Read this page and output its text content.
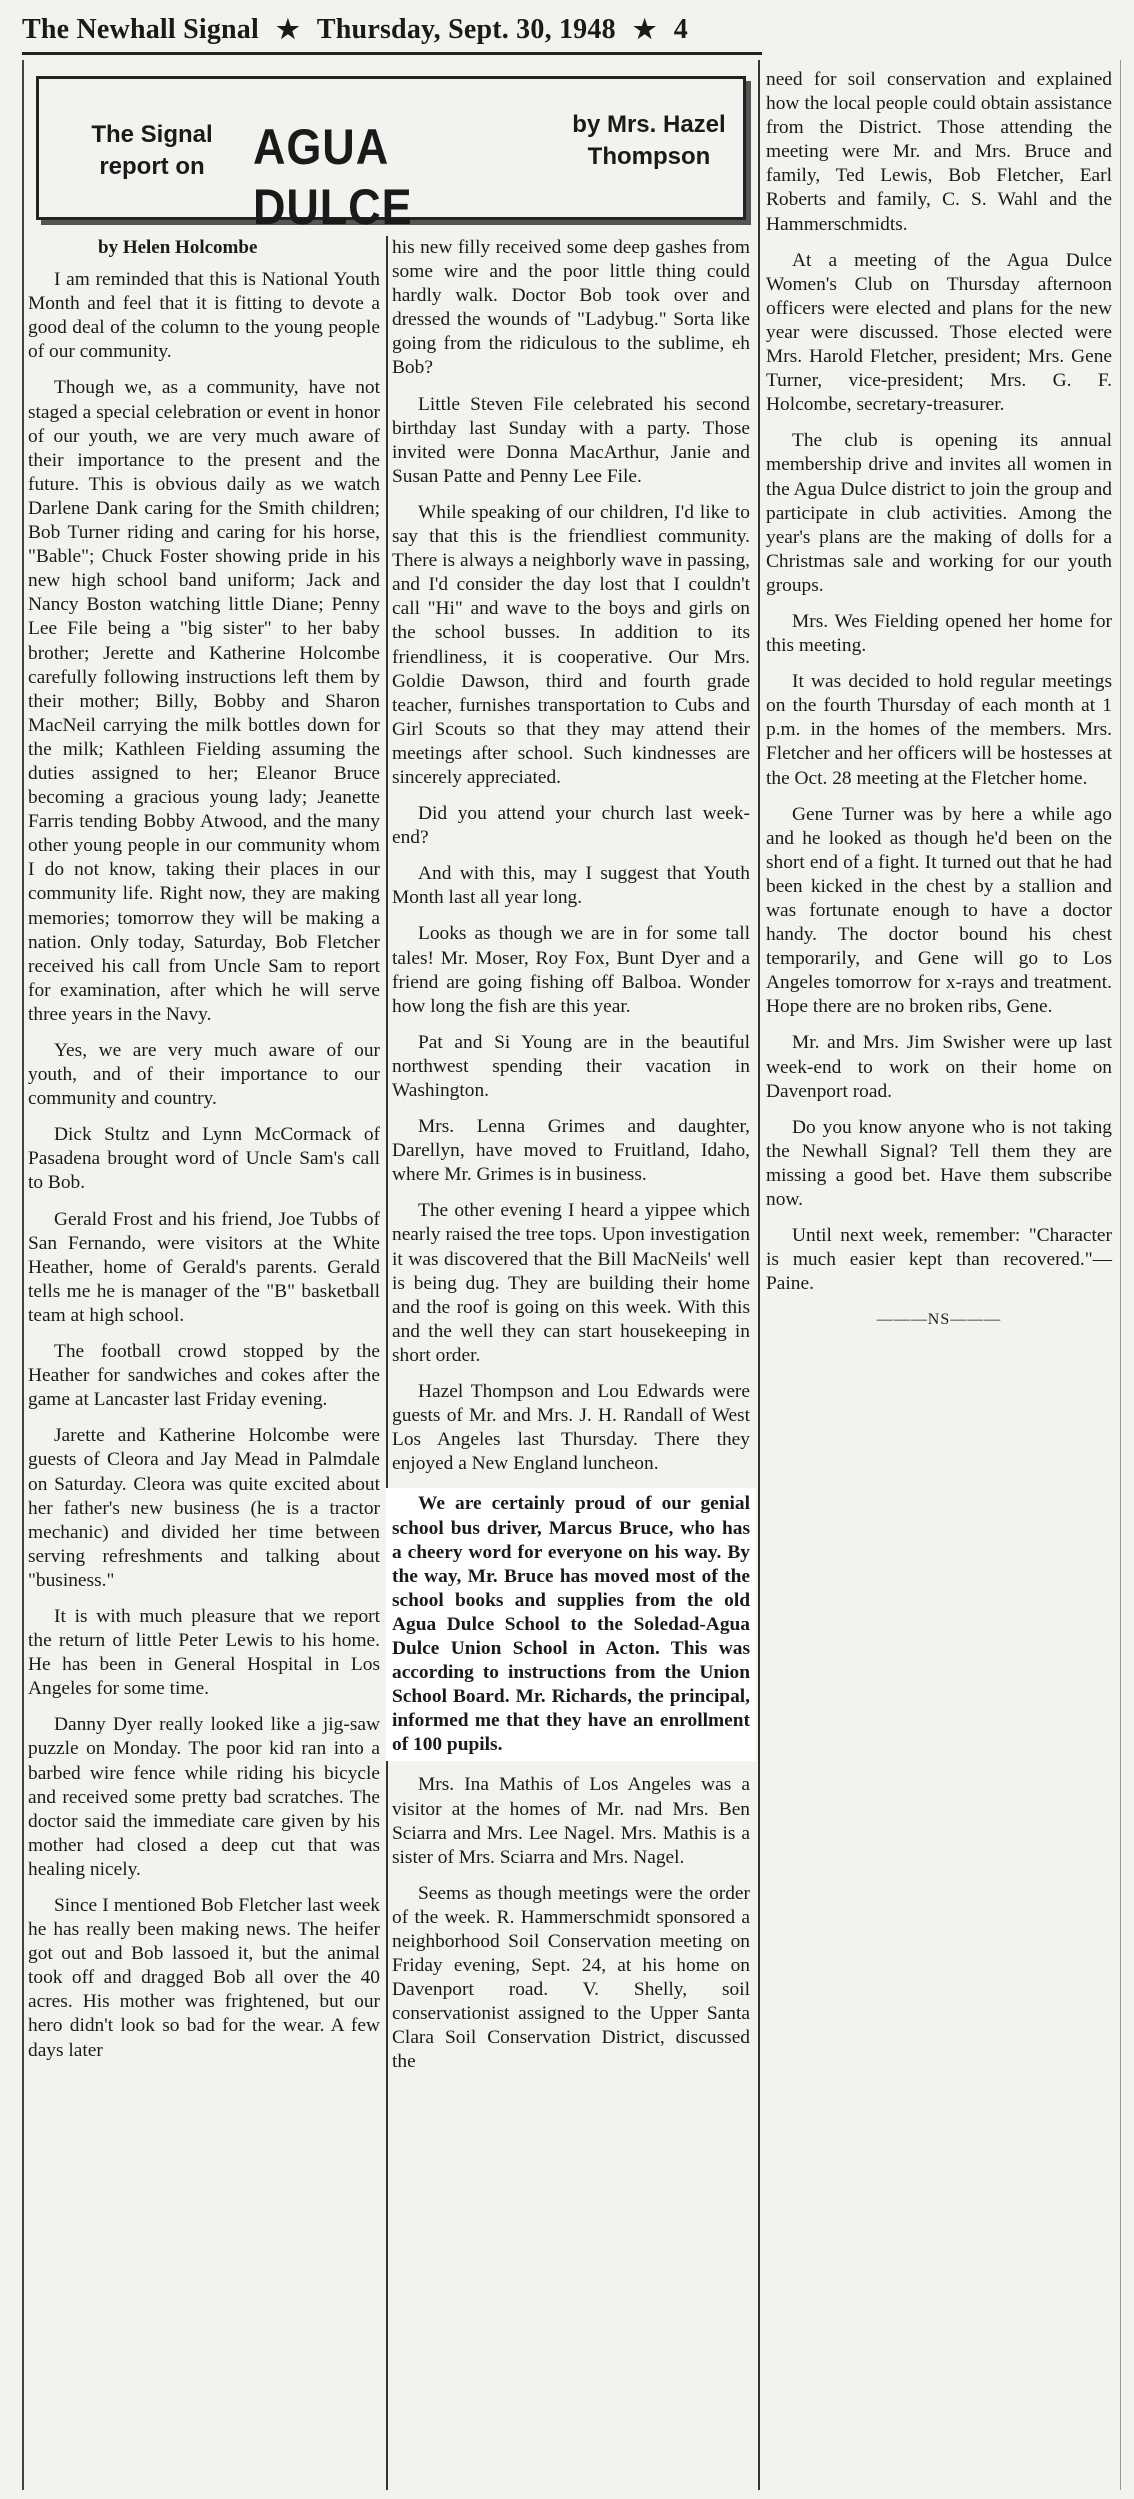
The Newhall Signal ★ Thursday, Sept. 30, 1948 ★ 4
The Signal report on AGUA DULCE
by Mrs. Hazel Thompson

by Helen Holcombe

I am reminded that this is National Youth Month and feel that it is fitting to devote a good deal of the column to the young people of our community.

Though we, as a community, have not staged a special celebration or event in honor of our youth, we are very much aware of their importance to the present and the future. This is obvious daily as we watch Darlene Dank caring for the Smith children; Bob Turner riding and caring for his horse, "Bable"; Chuck Foster showing pride in his new high school band uniform; Jack and Nancy Boston watching little Diane; Penny Lee File being a "big sister" to her baby brother; Jerette and Katherine Holcombe carefully following instructions left them by their mother; Billy, Bobby and Sharon MacNeil carrying the milk bottles down for the milk; Kathleen Fielding assuming the duties assigned to her; Eleanor Bruce becoming a gracious young lady; Jeanette Farris tending Bobby Atwood, and the many other young people in our community whom I do not know, taking their places in our community life. Right now, they are making memories; tomorrow they will be making a nation. Only today, Saturday, Bob Fletcher received his call from Uncle Sam to report for examination, after which he will serve three years in the Navy.

Yes, we are very much aware of our youth, and of their importance to our community and country.

Dick Stultz and Lynn McCormack of Pasadena brought word of Uncle Sam's call to Bob.

Gerald Frost and his friend, Joe Tubbs of San Fernando, were visitors at the White Heather, home of Gerald's parents. Gerald tells me he is manager of the "B" basketball team at high school.

The football crowd stopped by the Heather for sandwiches and cokes after the game at Lancaster last Friday evening.

Jarette and Katherine Holcombe were guests of Cleora and Jay Mead in Palmdale on Saturday. Cleora was quite excited about her father's new business (he is a tractor mechanic) and divided her time between serving refreshments and talking about "business."

It is with much pleasure that we report the return of little Peter Lewis to his home. He has been in General Hospital in Los Angeles for some time.

Danny Dyer really looked like a jig-saw puzzle on Monday. The poor kid ran into a barbed wire fence while riding his bicycle and received some pretty bad scratches. The doctor said the immediate care given by his mother had closed a deep cut that was healing nicely.

Since I mentioned Bob Fletcher last week he has really been making news. The heifer got out and Bob lassoed it, but the animal took off and dragged Bob all over the 40 acres. His mother was frightened, but our hero didn't look so bad for the wear. A few days later

his new filly received some deep gashes from some wire and the poor little thing could hardly walk. Doctor Bob took over and dressed the wounds of "Ladybug." Sorta like going from the ridiculous to the sublime, eh Bob?

Little Steven File celebrated his second birthday last Sunday with a party. Those invited were Donna MacArthur, Janie and Susan Patte and Penny Lee File.

While speaking of our children, I'd like to say that this is the friendliest community. There is always a neighborly wave in passing, and I'd consider the day lost that I couldn't call "Hi" and wave to the boys and girls on the school busses. In addition to its friendliness, it is cooperative. Our Mrs. Goldie Dawson, third and fourth grade teacher, furnishes transportation to Cubs and Girl Scouts so that they may attend their meetings after school. Such kindnesses are sincerely appreciated.

Did you attend your church last week-end?

And with this, may I suggest that Youth Month last all year long.

Looks as though we are in for some tall tales! Mr. Moser, Roy Fox, Bunt Dyer and a friend are going fishing off Balboa. Wonder how long the fish are this year.

Pat and Si Young are in the beautiful northwest spending their vacation in Washington.

Mrs. Lenna Grimes and daughter, Darellyn, have moved to Fruitland, Idaho, where Mr. Grimes is in business.

The other evening I heard a yippee which nearly raised the tree tops. Upon investigation it was discovered that the Bill MacNeils' well is being dug. They are building their home and the roof is going on this week. With this and the well they can start housekeeping in short order.

Hazel Thompson and Lou Edwards were guests of Mr. and Mrs. J. H. Randall of West Los Angeles last Thursday. There they enjoyed a New England luncheon.

We are certainly proud of our genial school bus driver, Marcus Bruce, who has a cheery word for everyone on his way. By the way, Mr. Bruce has moved most of the school books and supplies from the old Agua Dulce School to the Soledad-Agua Dulce Union School in Acton. This was according to instructions from the Union School Board. Mr. Richards, the principal, informed me that they have an enrollment of 100 pupils.

Mrs. Ina Mathis of Los Angeles was a visitor at the homes of Mr. nad Mrs. Ben Sciarra and Mrs. Lee Nagel. Mrs. Mathis is a sister of Mrs. Sciarra and Mrs. Nagel.

Seems as though meetings were the order of the week. R. Hammerschmidt sponsored a neighborhood Soil Conservation meeting on Friday evening, Sept. 24, at his home on Davenport road. V. Shelly, soil conservationist assigned to the Upper Santa Clara Soil Conservation District, discussed the

need for soil conservation and explained how the local people could obtain assistance from the District. Those attending the meeting were Mr. and Mrs. Bruce and family, Ted Lewis, Bob Fletcher, Earl Roberts and family, C. S. Wahl and the Hammerschmidts.

At a meeting of the Agua Dulce Women's Club on Thursday afternoon officers were elected and plans for the new year were discussed. Those elected were Mrs. Harold Fletcher, president; Mrs. Gene Turner, vice-president; Mrs. G. F. Holcombe, secretary-treasurer.

The club is opening its annual membership drive and invites all women in the Agua Dulce district to join the group and participate in club activities. Among the year's plans are the making of dolls for a Christmas sale and working for our youth groups.

Mrs. Wes Fielding opened her home for this meeting.

It was decided to hold regular meetings on the fourth Thursday of each month at 1 p.m. in the homes of the members. Mrs. Fletcher and her officers will be hostesses at the Oct. 28 meeting at the Fletcher home.

Gene Turner was by here a while ago and he looked as though he'd been on the short end of a fight. It turned out that he had been kicked in the chest by a stallion and was fortunate enough to have a doctor handy. The doctor bound his chest temporarily, and Gene will go to Los Angeles tomorrow for x-rays and treatment. Hope there are no broken ribs, Gene.

Mr. and Mrs. Jim Swisher were up last week-end to work on their home on Davenport road.

Do you know anyone who is not taking the Newhall Signal? Tell them they are missing a good bet. Have them subscribe now.

Until next week, remember: "Character is much easier kept than recovered."—Paine.

———NS———
